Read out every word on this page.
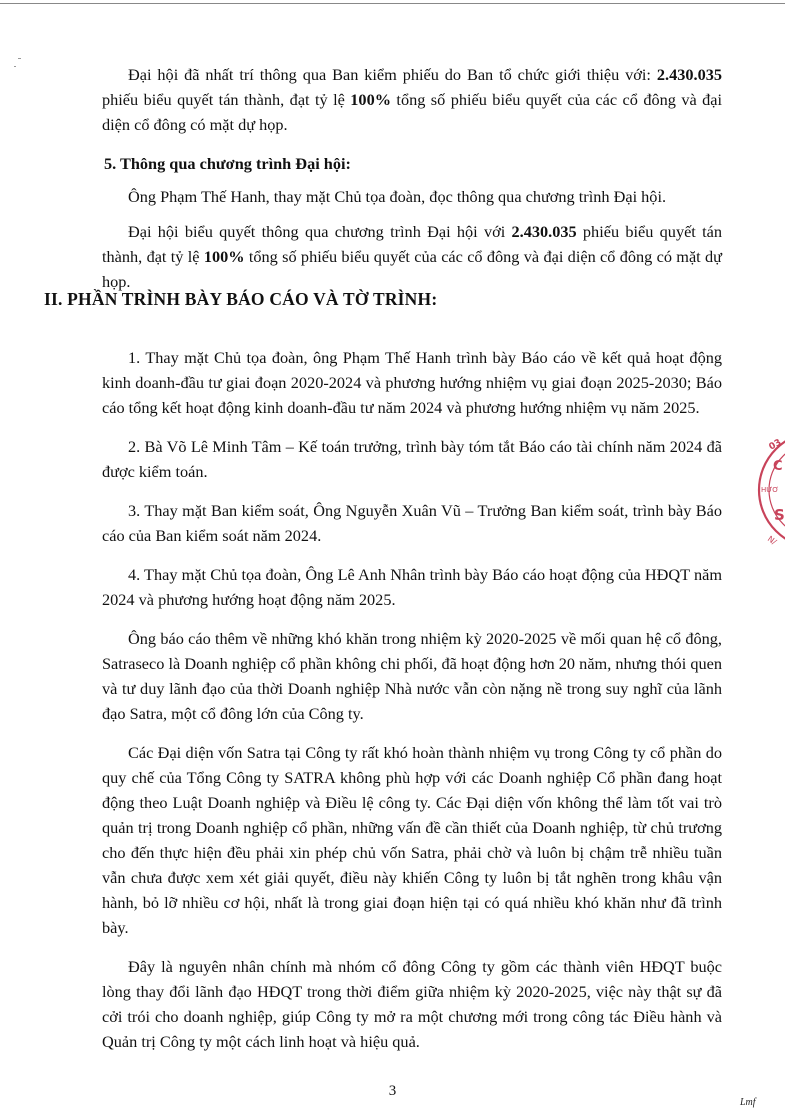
Đại hội đã nhất trí thông qua Ban kiểm phiếu do Ban tổ chức giới thiệu với: 2.430.035 phiếu biểu quyết tán thành, đạt tỷ lệ 100% tổng số phiếu biểu quyết của các cổ đông và đại diện cổ đông có mặt dự họp.

5. Thông qua chương trình Đại hội:

Ông Phạm Thế Hanh, thay mặt Chủ tọa đoàn, đọc thông qua chương trình Đại hội.

Đại hội biểu quyết thông qua chương trình Đại hội với 2.430.035 phiếu biểu quyết tán thành, đạt tỷ lệ 100% tổng số phiếu biểu quyết của các cổ đông và đại diện cổ đông có mặt dự họp.

1. Thay mặt Chủ tọa đoàn, ông Phạm Thế Hanh trình bày Báo cáo về kết quả hoạt động kinh doanh-đầu tư giai đoạn 2020-2024 và phương hướng nhiệm vụ giai đoạn 2025-2030; Báo cáo tổng kết hoạt động kinh doanh-đầu tư năm 2024 và phương hướng nhiệm vụ năm 2025.

2. Bà Võ Lê Minh Tâm – Kế toán trưởng, trình bày tóm tắt Báo cáo tài chính năm 2024 đã được kiểm toán.

3. Thay mặt Ban kiểm soát, Ông Nguyễn Xuân Vũ – Trưởng Ban kiểm soát, trình bày Báo cáo của Ban kiểm soát năm 2024.

4. Thay mặt Chủ tọa đoàn, Ông Lê Anh Nhân trình bày Báo cáo hoạt động của HĐQT năm 2024 và phương hướng hoạt động năm 2025.

Ông báo cáo thêm về những khó khăn trong nhiệm kỳ 2020-2025 về mối quan hệ cổ đông, Satraseco là Doanh nghiệp cổ phần không chi phối, đã hoạt động hơn 20 năm, nhưng thói quen và tư duy lãnh đạo của thời Doanh nghiệp Nhà nước vẫn còn nặng nề trong suy nghĩ của lãnh đạo Satra, một cổ đông lớn của Công ty.

Các Đại diện vốn Satra tại Công ty rất khó hoàn thành nhiệm vụ trong Công ty cổ phần do quy chế của Tổng Công ty SATRA không phù hợp với các Doanh nghiệp Cổ phần đang hoạt động theo Luật Doanh nghiệp và Điều lệ công ty. Các Đại diện vốn không thể làm tốt vai trò quản trị trong Doanh nghiệp cổ phần, những vấn đề cần thiết của Doanh nghiệp, từ chủ trương cho đến thực hiện đều phải xin phép chủ vốn Satra, phải chờ và luôn bị chậm trễ nhiều tuần vẫn chưa được xem xét giải quyết, điều này khiến Công ty luôn bị tắt nghẽn trong khâu vận hành, bỏ lỡ nhiều cơ hội, nhất là trong giai đoạn hiện tại có quá nhiều khó khăn như đã trình bày.

Đây là nguyên nhân chính mà nhóm cổ đông Công ty gồm các thành viên HĐQT buộc lòng thay đổi lãnh đạo HĐQT trong thời điểm giữa nhiệm kỳ 2020-2025, việc này thật sự đã cởi trói cho doanh nghiệp, giúp Công ty mở ra một chương mới trong công tác Điều hành và Quản trị Công ty một cách linh hoạt và hiệu quả.

II. PHẦN TRÌNH BÀY BÁO CÁO VÀ TỜ TRÌNH:
03
C
HƯƠ
S
N/
3
Lmf
